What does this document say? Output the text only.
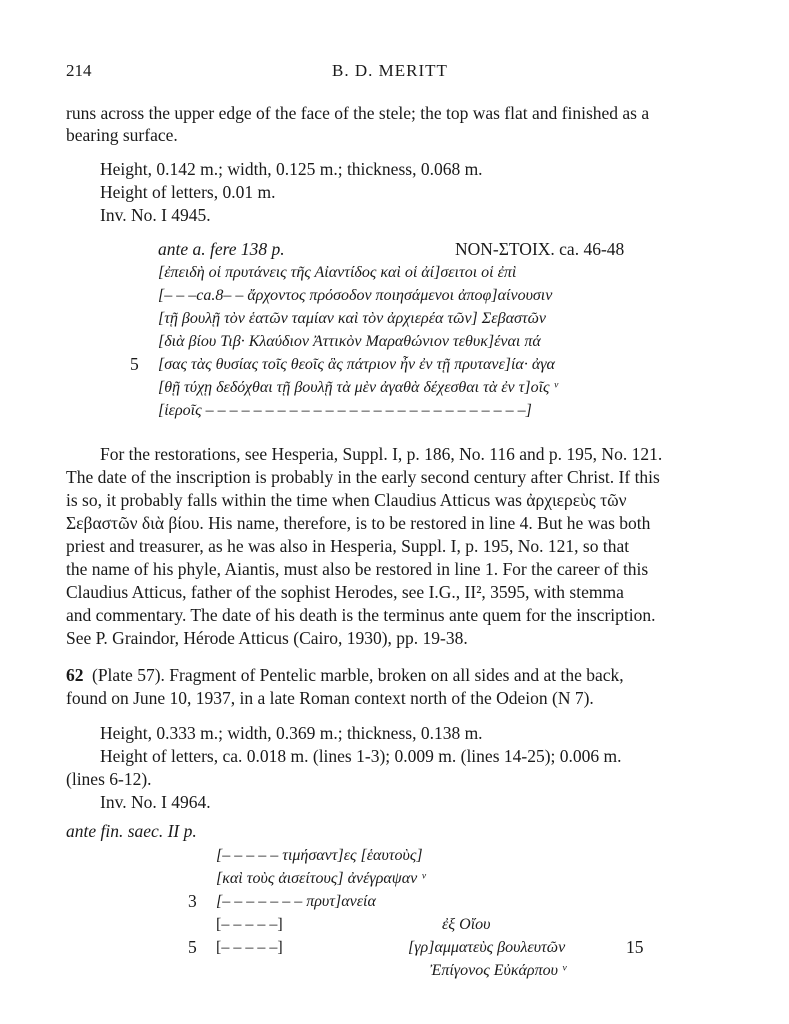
214	B. D. MERITT
runs across the upper edge of the face of the stele; the top was flat and finished as a
bearing surface.
Height, 0.142 m.; width, 0.125 m.; thickness, 0.068 m.
Height of letters, 0.01 m.
Inv. No. I 4945.
ante a. fere 138 p.	NON-ΣΤΟΙΧ. ca. 46-48
[ἐπειδὴ οἱ πρυτάνεις τῆς Αἰαντίδος καὶ οἱ ἀί]σειτοι οἱ ἐπὶ
[– – –ca.8– – ἄρχοντος πρόσοδον ποιησάμενοι ἀποφ]αίνουσιν
[τῇ βουλῇ τὸν ἑατῶν ταμίαν καὶ τὸν ἀρχιερέα τῶν] Σεβαστῶν
[διὰ βίου Τιβ· Κλαύδιον Ἀττικὸν Μαραθώνιον τεθυκ]έναι πά
5 [σας τὰς θυσίας τοῖς θεοῖς ἃς πάτριον ἦν ἐν τῇ πρυτανε]ία· ἀγα
[θῇ τύχῃ δεδόχθαι τῇ βουλῇ τὰ μὲν ἀγαθὰ δέχεσθαι τὰ ἐν τ]οῖς ᵛ
[ἱεροῖς – – – – – – – – – – – – – – – – – – – – – – – – – – –]
For the restorations, see Hesperia, Suppl. I, p. 186, No. 116 and p. 195, No. 121.
The date of the inscription is probably in the early second century after Christ. If this
is so, it probably falls within the time when Claudius Atticus was ἀρχιερεὺς τῶν
Σεβαστῶν διὰ βίου. His name, therefore, is to be restored in line 4. But he was both
priest and treasurer, as he was also in Hesperia, Suppl. I, p. 195, No. 121, so that
the name of his phyle, Aiantis, must also be restored in line 1. For the career of this
Claudius Atticus, father of the sophist Herodes, see I.G., II², 3595, with stemma
and commentary. The date of his death is the terminus ante quem for the inscription.
See P. Graindor, Hérode Atticus (Cairo, 1930), pp. 19-38.
62 (Plate 57). Fragment of Pentelic marble, broken on all sides and at the back,
found on June 10, 1937, in a late Roman context north of the Odeion (N 7).
Height, 0.333 m.; width, 0.369 m.; thickness, 0.138 m.
Height of letters, ca. 0.018 m. (lines 1-3); 0.009 m. (lines 14-25); 0.006 m.
(lines 6-12).
Inv. No. I 4964.
ante fin. saec. II p.
[– – – – – τιμήσαντ]ες [ἑαυτοὺς]
[καὶ τοὺς ἀισείτους] ἀνέγραψαν ᵛ
3 [– – – – – – – πρυτ]ανεία
[– – – – –]
5 [– – – – –]
ἐξ Οἴου
[γρ]αμματεὺς βουλευτῶν	15
Ἐπίγονος Εὐκάρπου ᵛ
